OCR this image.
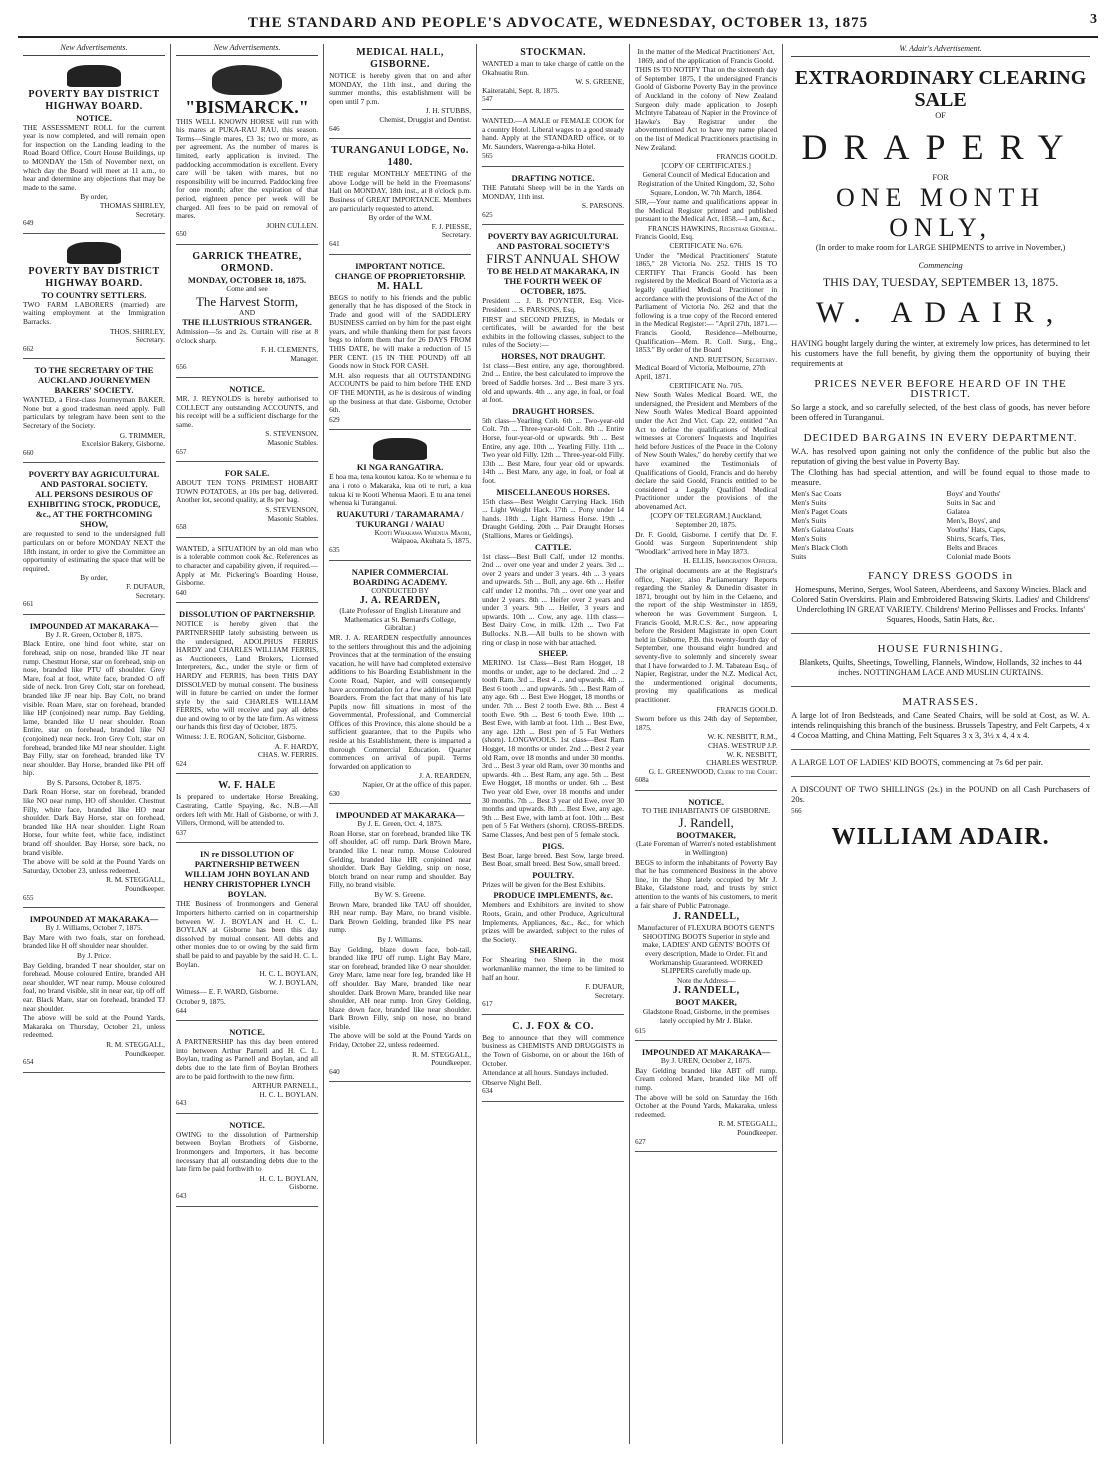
THE STANDARD AND PEOPLE'S ADVOCATE, WEDNESDAY, OCTOBER 13, 1875	3
New Advertisements.
POVERTY BAY DISTRICT HIGHWAY BOARD.
NOTICE.

THE ASSESSMENT ROLL for the current year is now completed, and will remain open for inspection on the Landing leading to the Road Board Office, Court House Buildings, up to MONDAY the 15th of November next, on which day the Board will meet at 11 a.m., to hear and determine any objections that may be made to the same.

By order,
THOMAS SHIRLEY,
Secretary.
649
POVERTY BAY DISTRICT HIGHWAY BOARD.
TO COUNTRY SETTLERS.

TWO FARM LABORERS (married) are waiting employment at the Immigration Barracks.

THOS. SHIRLEY,
Secretary.
662
TO THE SECRETARY OF THE AUCKLAND JOURNEYMEN BAKERS' SOCIETY.

WANTED, a First-class Journeyman BAKER. None but a good tradesman need apply. Full particulars by telegram have been sent to the Secretary of the Society.

G. TRIMMER,
Excelsior Bakery, Gisborne.
660
POVERTY BAY AGRICULTURAL AND PASTORAL SOCIETY.
ALL PERSONS DESIROUS OF EXHIBITING STOCK, PRODUCE, &c., AT THE FORTHCOMING SHOW,

are requested to send to the undersigned full particulars on or before MONDAY NEXT the 18th instant, in order to give the Committee an opportunity of estimating the space that will be required.

By order,
F. DUFAUR,
Secretary.
661
IMPOUNDED AT MAKARAKA—
By J. R. Green, October 8, 1875.

Black Entire, one hind foot white, star on forehead, snip on nose, branded like JT near rump. Chestnut Horse, star on forehead, snip on nose, branded like PTU off shoulder. Grey Mare, foal at foot, white face, branded O off side of neck. Iron Grey Colt, star on forehead, branded like JF near hip. Bay Colt, no brand visible. Roan Mare, star on forehead, branded like HP (conjoined) near rump. Bay Gelding, lame, branded like U near shoulder. Roan Entire, star on forehead, branded like NJ (conjoined) near neck. Iron Grey Colt, star on forehead, branded like MJ near shoulder. Light Bay Filly, star on forehead, branded like TV near shoulder. Bay Horse, branded like PH off hip.

By S. Parsons, October 8, 1875.

Dark Roan Horse, star on forehead, branded like NO near rump, HO off shoulder. Chestnut Filly, white face, branded like HO near shoulder. Dark Bay Horse, star on forehead, branded like HA near shoulder. Light Roan Horse, four white feet, white face, indistinct brand off shoulder. Bay Horse, sore back, no brand visible.

The above will be sold at the Pound Yards on Saturday, October 23, unless redeemed.

R. M. STEGGALL,
Poundkeeper.
655
IMPOUNDED AT MAKARAKA—
By J. Williams, October 7, 1875.

Bay Mare with two foals, star on forehead, branded like H off shoulder near shoulder.

By J. Price.

Bay Gelding, branded T near shoulder, star on forehead. Mouse coloured Entire, branded AH near shoulder, WT near rump. Mouse coloured foal, no brand visible, slit in near ear, tip off off ear. Black Mare, star on forehead, branded TJ near shoulder.

The above will be sold at the Pound Yards, Makaraka on Thursday, October 21, unless redeemed.

R. M. STEGGALL,
Poundkeeper.
654
New Advertisements.
"BISMARCK."

THIS WELL KNOWN HORSE will run with his mares at PUKA-RAU RAU, this season. Terms—Single mares, £3 3s; two or more, as per agreement. As the number of mares is limited, early application is invited. The paddocking accommodation is excellent. Every care will be taken with mares, but no responsibility will be incurred. Paddocking free for one month; after the expiration of that period, eighteen pence per week will be charged. All fees to be paid on removal of mares.

JOHN CULLEN.
650
GARRICK THEATRE, ORMOND.
MONDAY, OCTOBER 18, 1875.
Come and see
The Harvest Storm,
AND
THE ILLUSTRIOUS STRANGER.

Admission—5s and 2s. Curtain will rise at 8 o'clock sharp.

F. H. CLEMENTS,
Manager.
656
NOTICE.

MR. J. REYNOLDS is hereby authorised to COLLECT any outstanding ACCOUNTS, and his receipt will be a sufficient discharge for the same.

S. STEVENSON,
Masonic Stables.
657
FOR SALE.

ABOUT TEN TONS PRIMEST HOBART TOWN POTATOES, at 10s per bag, delivered. Another lot, second quality, at 8s per bag.

S. STEVENSON,
Masonic Stables.
658

WANTED, a SITUATION by an old man who is a tolerable common cook &c. References as to character and capability given, if required.—Apply at Mr. Pickering's Boarding House, Gisborne.

640
DISSOLUTION OF PARTNERSHIP.

NOTICE is hereby given that the PARTNERSHIP lately subsisting between us the undersigned, ADOLPHUS FERRIS HARDY and CHARLES WILLIAM FERRIS, as Auctioneers, Land Brokers, Licensed Interpreters, &c., under the style or firm of HARDY and FERRIS, has been THIS DAY DISSOLVED by mutual consent. The business will in future be carried on under the former style by the said CHARLES WILLIAM FERRIS, who will receive and pay all debts due and owing to or by the late firm. As witness our hands this first day of October, 1875.

Witness: J. E. ROGAN, Solicitor, Gisborne.

A. F. HARDY,
CHAS. W. FERRIS.
624
W. F. HALE

Is prepared to undertake Horse Breaking, Castrating, Cattle Spaying, &c. N.B.—All orders left with Mr. Hall of Gisborne, or with J. Villers, Ormond, will be attended to.

637
IN re DISSOLUTION OF PARTNERSHIP BETWEEN WILLIAM JOHN BOYLAN AND HENRY CHRISTOPHER LYNCH BOYLAN.

THE Business of Ironmongers and General Importers hitherto carried on in copartnership between W. J. BOYLAN and H. C. L. BOYLAN at Gisborne has been this day dissolved by mutual consent. All debts and other monies due to or owing by the said firm shall be paid to and payable by the said H. C. L. Boylan.

H. C. L. BOYLAN,
W. J. BOYLAN,

Witness— E. F. WARD, Gisborne.

October 9, 1875.
644
NOTICE.

A PARTNERSHIP has this day been entered into between Arthur Parnell and H. C. L. Boylan, trading as Parnell and Boylan, and all debts due to the late firm of Boylan Brothers are to be paid forthwith to the new firm.

ARTHUR PARNELL,
H. C. L. BOYLAN.
643
NOTICE.

OWING to the dissolution of Partnership between Boylan Brothers of Gisborne, Ironmongers and Importers, it has become necessary that all outstanding debts due to the late firm be paid forthwith to

H. C. L. BOYLAN,
Gisborne.
643
MEDICAL HALL, GISBORNE.

NOTICE is hereby given that on and after MONDAY, the 11th inst., and during the summer months, this establishment will be open until 7 p.m.

J. H. STUBBS,
Chemist, Druggist and Dentist.
646
TURANGANUI LODGE, No. 1480.

THE regular MONTHLY MEETING of the above Lodge will be held in the Freemasons' Hall on MONDAY, 18th inst., at 8 o'clock p.m. Business of GREAT IMPORTANCE. Members are particularly requested to attend.

By order of the W.M.
F. J. PIESSE,
Secretary.
641
IMPORTANT NOTICE.
CHANGE OF PROPRIETORSHIP.
M. HALL

BEGS to notify to his friends and the public generally that he has disposed of the Stock in Trade and good will of the SADDLERY BUSINESS carried on by him for the past eight years, and while thanking them for past favors begs to inform them that for 26 DAYS FROM THIS DATE, he will make a reduction of 15 PER CENT. (15 IN THE POUND) off all Goods now in Stock FOR CASH.

M.H. also requests that all OUTSTANDING ACCOUNTS be paid to him before THE END OF THE MONTH, as he is desirous of winding up the business at that date. Gisborne, October 6th.

629
KI NGA RANGATIRA.

E hoa ma, tena koutou katoa. Ko te whenua e tu ana i roto o Makaraka, kua oti te ruri, a kua tukua ki te Kooti Whenua Maori. E tu ana tenei whenua ki Turanganui.

RUAKUTURI / TARAMARAMA / TUKURANGI / WAIAU
Kooti Whakawa Whenua Maori,
Waipaoa, Akuhata 5, 1875.
635
NAPIER COMMERCIAL BOARDING ACADEMY.
CONDUCTED BY
J. A. REARDEN,
(Late Professor of English Literature and Mathematics at St. Bernard's College, Gibraltar.)

MR. J. A. REARDEN respectfully announces to the settlers throughout this and the adjoining Provinces that at the termination of the ensuing vacation, he will have had completed extensive additions to his Boarding Establishment in the Coote Road, Napier, and will consequently have accommodation for a few additional Pupil Boarders. From the fact that many of his late Pupils now fill situations in most of the Governmental, Professional, and Commercial Offices of this Province, this alone should be a sufficient guarantee, that to the Pupils who reside at his Establishment, there is imparted a thorough Commercial Education. Quarter commences on arrival of pupil. Terms forwarded on application to

J. A. REARDEN,
Napier, Or at the office of this paper.
630
IMPOUNDED AT MAKARAKA—
By J. E. Green, Oct. 4, 1875.

Roan Horse, star on forehead, branded like TK off shoulder, aC off rump. Dark Brown Mare, branded like L near rump. Mouse Coloured Gelding, branded like HR conjoined near shoulder. Dark Bay Gelding, snip on nose, blotch brand on near rump and shoulder. Bay Filly, no brand visible.

By W. S. Greene.

Brown Mare, branded like TAU off shoulder, RH near rump. Bay Mare, no brand visible. Dark Brown Gelding, branded like PS near rump.

By J. Williams.

Bay Gelding, blaze down face, bob-tail, branded like IPU off rump. Light Bay Mare, star on forehead, branded like O near shoulder. Grey Mare, lame near fore leg, branded like H off shoulder. Bay Mare, branded like near shoulder. Dark Brown Mare, branded like near shoulder, AH near rump. Iron Grey Gelding, blaze down face, branded like near shoulder. Dark Brown Filly, snip on nose, no brand visible.

The above will be sold at the Pound Yards on Friday, October 22, unless redeemed.

R. M. STEGGALL,
Poundkeeper.
640
STOCKMAN.

WANTED a man to take charge of cattle on the Okahuatiu Run.

W. S. GREENE,
Kaiteratahi, Sept. 8, 1875.
547

WANTED.—A MALE or FEMALE COOK for a country Hotel. Liberal wages to a good steady hand. Apply at the STANDARD office, or to Mr. Saunders, Waerenga-a-hika Hotel.

565
DRAFTING NOTICE.

THE Patutahi Sheep will be in the Yards on MONDAY, 11th inst.

S. PARSONS.
625
POVERTY BAY AGRICULTURAL AND PASTORAL SOCIETY'S
FIRST ANNUAL SHOW
TO BE HELD AT MAKARAKA, IN THE FOURTH WEEK OF OCTOBER, 1875.

President ... J. B. POYNTER, Esq. Vice-President ... S. PARSONS, Esq.

FIRST and SECOND PRIZES, in Medals or certificates, will be awarded for the best exhibits in the following classes, subject to the rules of the Society:—

HORSES, NOT DRAUGHT.

1st class—Best entire, any age, thoroughbred. 2nd ... Entire, the best calculated to improve the breed of Saddle horses. 3rd ... Best mare 3 yrs. old and upwards. 4th ... any age, in foal, or foal at foot.

DRAUGHT HORSES.

5th class—Yearling Colt. 6th ... Two-year-old Colt. 7th ... Three-year-old Colt. 8th ... Entire Horse, four-year-old or upwards. 9th ... Best Entire, any age. 10th ... Yearling Filly. 11th ... Two year old Filly. 12th ... Three-year-old Filly. 13th ... Best Mare, four year old or upwards. 14th ... Best Mare, any age, in foal, or foal at foot.

MISCELLANEOUS HORSES.

15th class—Best Weight Carrying Hack. 16th ... Light Weight Hack. 17th ... Pony under 14 hands. 18th ... Light Harness Horse. 19th ... Draught Gelding. 20th ... Pair Draught Horses (Stallions, Mares or Geldings).

CATTLE.

1st class—Best Bull Calf, under 12 months. 2nd ... over one year and under 2 years. 3rd ... over 2 years and under 3 years. 4th ... 3 years and upwards. 5th ... Bull, any age. 6th ... Heifer calf under 12 months. 7th ... over one year and under 2 years. 8th ... Heifer over 2 years and under 3 years. 9th ... Heifer, 3 years and upwards. 10th ... Cow, any age. 11th class—Best Dairy Cow, in milk. 12th ... Two Fat Bullocks. N.B.—All bulls to be shown with ring or clasp in nose with bar attached.

SHEEP.

MERINO. 1st Class—Best Ram Hogget, 18 months or under, age to be declared. 2nd ... 2 tooth Ram. 3rd ... Best 4 ... and upwards. 4th ... Best 6 tooth ... and upwards. 5th ... Best Ram of any age. 6th ... Best Ewe Hogget, 18 months or under. 7th ... Best 2 tooth Ewe. 8th ... Best 4 tooth Ewe. 9th ... Best 6 tooth Ewe. 10th ... Best Ewe, with lamb at foot. 11th ... Best Ewe, any age. 12th ... Best pen of 5 Fat Wethers (shorn). LONGWOOLS. 1st class—Best Ram Hogget, 18 months or under. 2nd ... Best 2 year old Ram, over 18 months and under 30 months. 3rd ... Best 3 year old Ram, over 30 months and upwards. 4th ... Best Ram, any age. 5th ... Best Ewe Hogget, 18 months or under. 6th ... Best Two year old Ewe, over 18 months and under 30 months. 7th ... Best 3 year old Ewe, over 30 months and upwards. 8th ... Best Ewe, any age. 9th ... Best Ewe, with lamb at foot. 10th ... Best pen of 5 Fat Wethers (shorn). CROSS-BREDS. Same Classes, And best pen of 5 female stock.

PIGS.

Best Boar, large breed. Best Sow, large breed. Best Boar, small breed. Best Sow, small breed.

POULTRY.

Prizes will be given for the Best Exhibits.

PRODUCE IMPLEMENTS, &c.

Members and Exhibitors are invited to show Roots, Grain, and other Produce, Agricultural Implements, Appliances, &c., &c., for which prizes will be awarded, subject to the rules of the Society.

SHEARING.

For Shearing two Sheep in the most workmanlike manner, the time to be limited to half an hour.

F. DUFAUR,
Secretary.
617
C. J. FOX & CO.

Beg to announce that they will commence business as CHEMISTS AND DRUGGISTS in the Town of Gisborne, on or about the 16th of October.

Attendance at all hours. Sundays included.

Observe Night Bell.
634

In the matter of the Medical Practitioners' Act, 1869, and of the application of Francis Goold.

THIS IS TO NOTIFY That on the sixteenth day of September 1875, I the undersigned Francis Goold of Gisborne Poverty Bay in the province of Auckland in the colony of New Zealand Surgeon duly made application to Joseph McIntyre Tabateau of Napier in the Province of Hawke's Bay Registrar under the abovementioned Act to have my name placed on the list of Medical Practitioners practising in New Zealand.

FRANCIS GOOLD.
[COPY OF CERTIFICATES.]

General Council of Medical Education and Registration of the United Kingdom, 32, Soho Square, London, W. 7th March, 1864.

SIR,—Your name and qualifications appear in the Medical Register printed and published pursuant to the Medical Act, 1858.—I am, &c.,

FRANCIS HAWKINS, Registrar General.
Francis Goold, Esq.
CERTIFICATE No. 676.

Under the "Medical Practitioners' Statute 1865," 28 Victoria No. 252. THIS IS TO CERTIFY That Francis Goold has been registered by the Medical Board of Victoria as a legally qualified Medical Practitioner in accordance with the provisions of the Act of the Parliament of Victoria No. 262 and that the following is a true copy of the Record entered in the Medical Register:— "April 27th, 1871.—Francis Goold, Residence—Melbourne, Qualification—Mem. R. Coll. Surg., Eng., 1853." By order of the Board

AND. RUETSON, Secretary.
Medical Board of Victoria, Melbourne, 27th April, 1871.
CERTIFICATE No. 705.

New South Wales Medical Board. WE, the undersigned, the President and Members of the New South Wales Medical Board appointed under the Act 2nd Vict. Cap. 22, entitled "An Act to define the qualifications of Medical witnesses at Coroners' Inquests and Inquiries held before Justices of the Peace in the Colony of New South Wales," do hereby certify that we have examined the Testimonials of Qualifications of Goold, Francis and do hereby declare the said Goold, Francis entitled to be considered a Legally Qualified Medical Practitioner under the provisions of the abovenamed Act.

[COPY OF TELEGRAM.] Auckland, September 20, 1875.

Dr. F. Goold, Gisborne. I certify that Dr. F. Goold was Surgeon Superintendent ship "Woodlark" arrived here in May 1873.

H. ELLIS, Immigration Officer.

The original documents are at the Registrar's office, Napier, also Parliamentary Reports regarding the Stanley & Dunedin disaster in 1871, brought out by him in the Celaeno, and the report of the ship Westminster in 1859, whereon he was Government Surgeon. I, Francis Goold, M.R.C.S. &c., now appearing before the Resident Magistrate in open Court held in Gisborne, P.B. this twenty-fourth day of September, one thousand eight hundred and seventy-five to solemnly and sincerely swear that I have forwarded to J. M. Tabateau Esq., of Napier, Registrar, under the N.Z. Medical Act, the undermentioned original documents, proving my qualifications as medical practitioner.

FRANCIS GOOLD.

Sworn before us this 24th day of September, 1875.

W. K. NESBITT, R.M.,
CHAS. WESTRUP J.P.
W. K. NESBITT,
CHARLES WESTRUP.
G. L. GREENWOOD, Clerk to the Court.
608a
NOTICE.
TO THE INHABITANTS OF GISBORNE.
J. Randell,
BOOTMAKER,
(Late Foreman of Warren's noted establishment in Wellington)

BEGS to inform the inhabitants of Poverty Bay that he has commenced Business in the above line, in the Shop lately occupied by Mr J. Blake, Gladstone road, and trusts by strict attention to the wants of his customers, to merit a fair share of Public Patronage.

J. RANDELL,

Manufacturer of FLEXURA BOOTS GENT'S SHOOTING BOOTS Superior in style and make, LADIES' AND GENTS' BOOTS Of every description, Made to Order. Fit and Workmanship Guaranteed. WORKED SLIPPERS carefully made up.

Note the Address—
J. RANDELL,
BOOT MAKER,

Gladstone Road, Gisborne, in the premises lately occupied by Mr J. Blake.

615
IMPOUNDED AT MAKARAKA—
By J. UREN, October 2, 1875.

Bay Gelding branded like ABT off rump. Cream colored Mare, branded like MI off rump.

The above will be sold on Saturday the 16th October at the Pound Yards, Makaraka, unless redeemed.

R. M. STEGGALL,
Poundkeeper.
627
W. Adair's Advertisement.
EXTRAORDINARY CLEARING SALE
OF
DRAPERY
FOR
ONE MONTH ONLY,
(In order to make room for LARGE SHIPMENTS to arrive in November,)
Commencing
THIS DAY, TUESDAY, SEPTEMBER 13, 1875.
W. ADAIR,

HAVING bought largely during the winter, at extremely low prices, has determined to let his customers have the full benefit, by giving them the opportunity of buying their requirements at

PRICES NEVER BEFORE HEARD OF IN THE DISTRICT.

So large a stock, and so carefully selected, of the best class of goods, has never before been offered in Turanganui.

DECIDED BARGAINS IN EVERY DEPARTMENT.

W.A. has resolved upon gaining not only the confidence of the public but also the reputation of giving the best value in Poverty Bay.

The Clothing has had special attention, and will be found equal to those made to measure.

Men's Sac Coats
Men's Suits
Men's Paget Coats
Men's Suits
Men's Galatea Coats
Men's Suits
Men's Black Cloth Suits
Boys' and Youths' Suits in Sac and Galatea
Men's, Boys', and Youths' Hats, Caps, Shirts, Scarfs, Ties, Belts and Braces
Colonial made Boots
FANCY DRESS GOODS in

Homespuns, Merino, Serges, Wool Sateen, Aberdeens, and Saxony Wincies. Black and Colored Satin Overskirts. Plain and Embroidered Batswing Skirts. Ladies' and Childrens' Underclothing IN GREAT VARIETY. Childrens' Merino Pellisses and Frocks. Infants' Squares, Hoods, Satin Hats, &c.

HOUSE FURNISHING.

Blankets, Quilts, Sheetings, Towelling, Flannels, Window, Hollands, 32 inches to 44 inches. NOTTINGHAM LACE AND MUSLIN CURTAINS.

MATRASSES.

A large lot of Iron Bedsteads, and Cane Seated Chairs, will be sold at Cost, as W. A. intends relinquishing this branch of the business. Brussels Tapestry, and Felt Carpets, 4 x 4 Cocoa Matting, and China Matting, Felt Squares 3 x 3, 3½ x 4, 4 x 4.

A LARGE LOT OF LADIES' KID BOOTS, commencing at 7s 6d per pair.

A DISCOUNT OF TWO SHILLINGS (2s.) in the POUND on all Cash Purchasers of 20s.

566
WILLIAM ADAIR.
